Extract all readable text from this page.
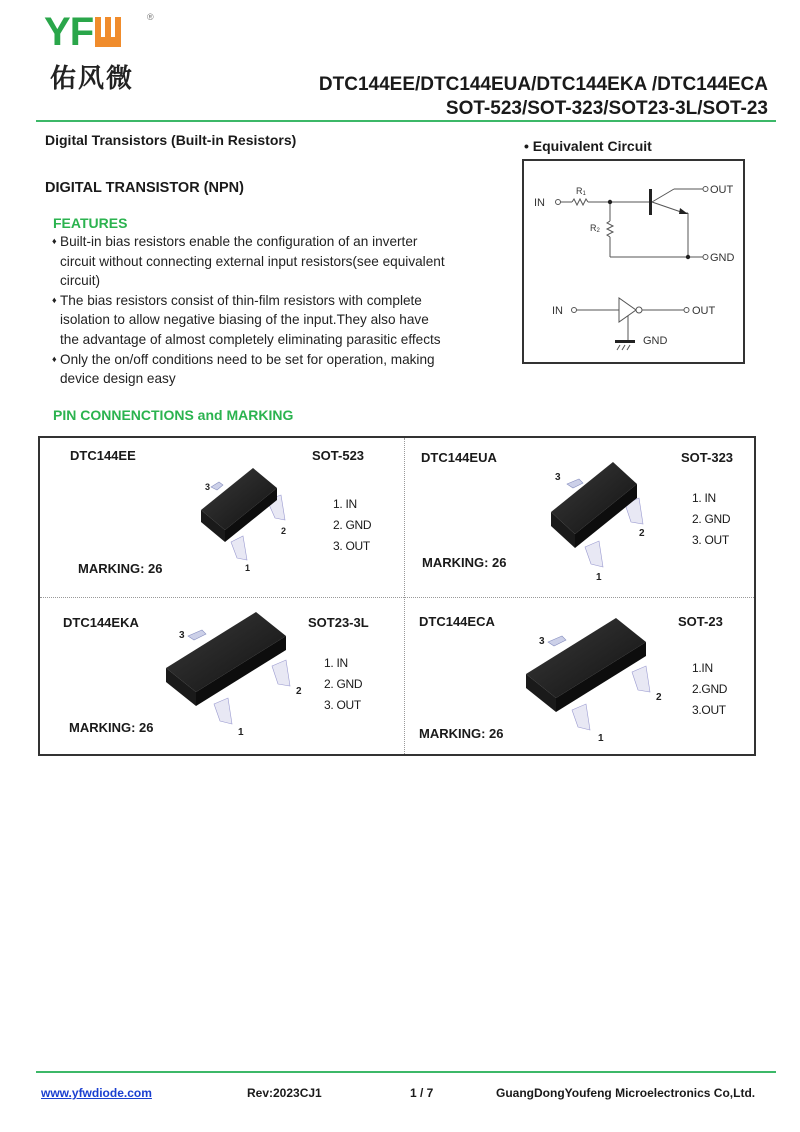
YF	®
佑风微	DTC144EE/DTC144EUA/DTC144EKA /DTC144ECA
SOT-523/SOT-323/SOT23-3L/SOT-23
Digital Transistors (Built-in Resistors)
DIGITAL TRANSISTOR (NPN)
FEATURES
♦ Built-in bias resistors enable the configuration of an inverter
circuit without connecting external input resistors(see equivalent
circuit)
♦ The bias resistors consist of thin-film resistors with complete
isolation to allow negative biasing of the input.They also have
the advantage of almost completely eliminating parasitic effects
♦ Only the on/off conditions need to be set for operation, making
device design easy
• Equivalent Circuit
IN
OUT
GND
R1
R2
IN	OUT
GND
PIN CONNENCTIONS and MARKING
DTC144EE	SOT-523
1. IN
2. GND
3. OUT
MARKING: 26
3
2
1
DTC144EUA	SOT-323
1. IN
2. GND
3. OUT
MARKING: 26
3
2
1
DTC144EKA	SOT23-3L
1. IN
2. GND
3. OUT
MARKING: 26
3
2
1
DTC144ECA	SOT-23
1.IN
2.GND
3.OUT
MARKING: 26
3
2
1
www.yfwdiode.com	Rev:2023CJ1	1 / 7	GuangDongYoufeng Microelectronics Co,Ltd.
